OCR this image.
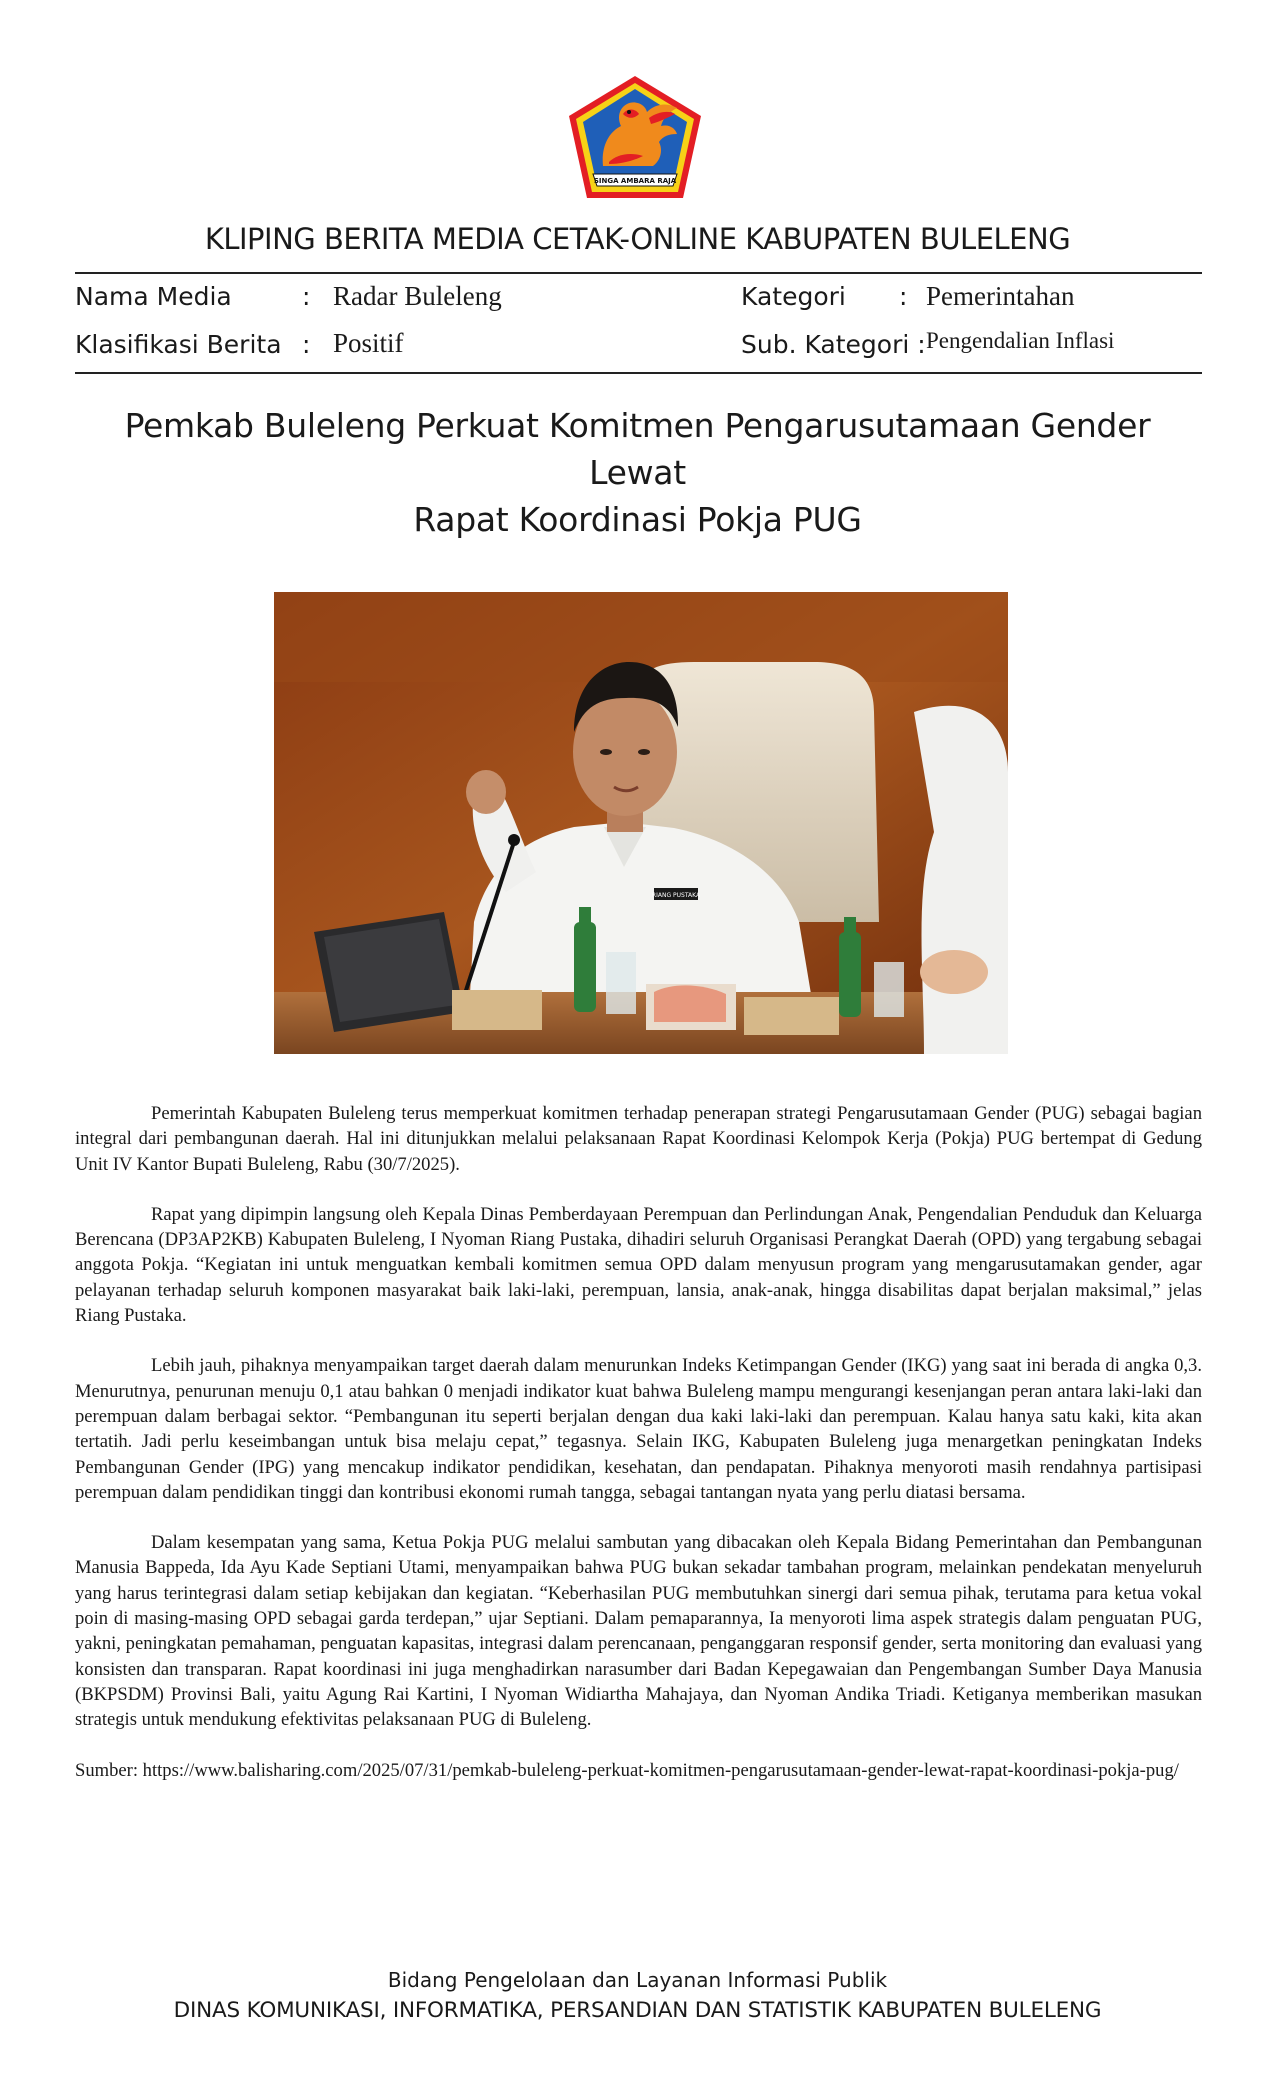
SINGA AMBARA RAJA
KLIPING BERITA MEDIA CETAK-ONLINE KABUPATEN BULELENG
Nama Media	: Radar Buleleng
Klasifikasi Berita : Positif
Kategori : Pemerintahan
Sub. Kategori : Pengendalian Inflasi
Pemkab Buleleng Perkuat Komitmen Pengarusutamaan Gender Lewat
Rapat Koordinasi Pokja PUG
RIANG PUSTAKA

Pemerintah Kabupaten Buleleng terus memperkuat komitmen terhadap penerapan strategi Pengarusutamaan Gender (PUG) sebagai bagian integral dari pembangunan daerah. Hal ini ditunjukkan melalui pelaksanaan Rapat Koordinasi Kelompok Kerja (Pokja) PUG bertempat di Gedung Unit IV Kantor Bupati Buleleng, Rabu (30/7/2025).

Rapat yang dipimpin langsung oleh Kepala Dinas Pemberdayaan Perempuan dan Perlindungan Anak, Pengendalian Penduduk dan Keluarga Berencana (DP3AP2KB) Kabupaten Buleleng, I Nyoman Riang Pustaka, dihadiri seluruh Organisasi Perangkat Daerah (OPD) yang tergabung sebagai anggota Pokja. “Kegiatan ini untuk menguatkan kembali komitmen semua OPD dalam menyusun program yang mengarusutamakan gender, agar pelayanan terhadap seluruh komponen masyarakat baik laki-laki, perempuan, lansia, anak-anak, hingga disabilitas dapat berjalan maksimal,” jelas Riang Pustaka.

Lebih jauh, pihaknya menyampaikan target daerah dalam menurunkan Indeks Ketimpangan Gender (IKG) yang saat ini berada di angka 0,3. Menurutnya, penurunan menuju 0,1 atau bahkan 0 menjadi indikator kuat bahwa Buleleng mampu mengurangi kesenjangan peran antara laki-laki dan perempuan dalam berbagai sektor. “Pembangunan itu seperti berjalan dengan dua kaki laki-laki dan perempuan. Kalau hanya satu kaki, kita akan tertatih. Jadi perlu keseimbangan untuk bisa melaju cepat,” tegasnya. Selain IKG, Kabupaten Buleleng juga menargetkan peningkatan Indeks Pembangunan Gender (IPG) yang mencakup indikator pendidikan, kesehatan, dan pendapatan. Pihaknya menyoroti masih rendahnya partisipasi perempuan dalam pendidikan tinggi dan kontribusi ekonomi rumah tangga, sebagai tantangan nyata yang perlu diatasi bersama.

Dalam kesempatan yang sama, Ketua Pokja PUG melalui sambutan yang dibacakan oleh Kepala Bidang Pemerintahan dan Pembangunan Manusia Bappeda, Ida Ayu Kade Septiani Utami, menyampaikan bahwa PUG bukan sekadar tambahan program, melainkan pendekatan menyeluruh yang harus terintegrasi dalam setiap kebijakan dan kegiatan. “Keberhasilan PUG membutuhkan sinergi dari semua pihak, terutama para ketua vokal poin di masing-masing OPD sebagai garda terdepan,” ujar Septiani. Dalam pemaparannya, Ia menyoroti lima aspek strategis dalam penguatan PUG, yakni, peningkatan pemahaman, penguatan kapasitas, integrasi dalam perencanaan, penganggaran responsif gender, serta monitoring dan evaluasi yang konsisten dan transparan. Rapat koordinasi ini juga menghadirkan narasumber dari Badan Kepegawaian dan Pengembangan Sumber Daya Manusia (BKPSDM) Provinsi Bali, yaitu Agung Rai Kartini, I Nyoman Widiartha Mahajaya, dan Nyoman Andika Triadi. Ketiganya memberikan masukan strategis untuk mendukung efektivitas pelaksanaan PUG di Buleleng.

Sumber: https://www.balisharing.com/2025/07/31/pemkab-buleleng-perkuat-komitmen-pengarusutamaan-gender-lewat-rapat-koordinasi-pokja-pug/

Bidang Pengelolaan dan Layanan Informasi Publik
DINAS KOMUNIKASI, INFORMATIKA, PERSANDIAN DAN STATISTIK KABUPATEN BULELENG
